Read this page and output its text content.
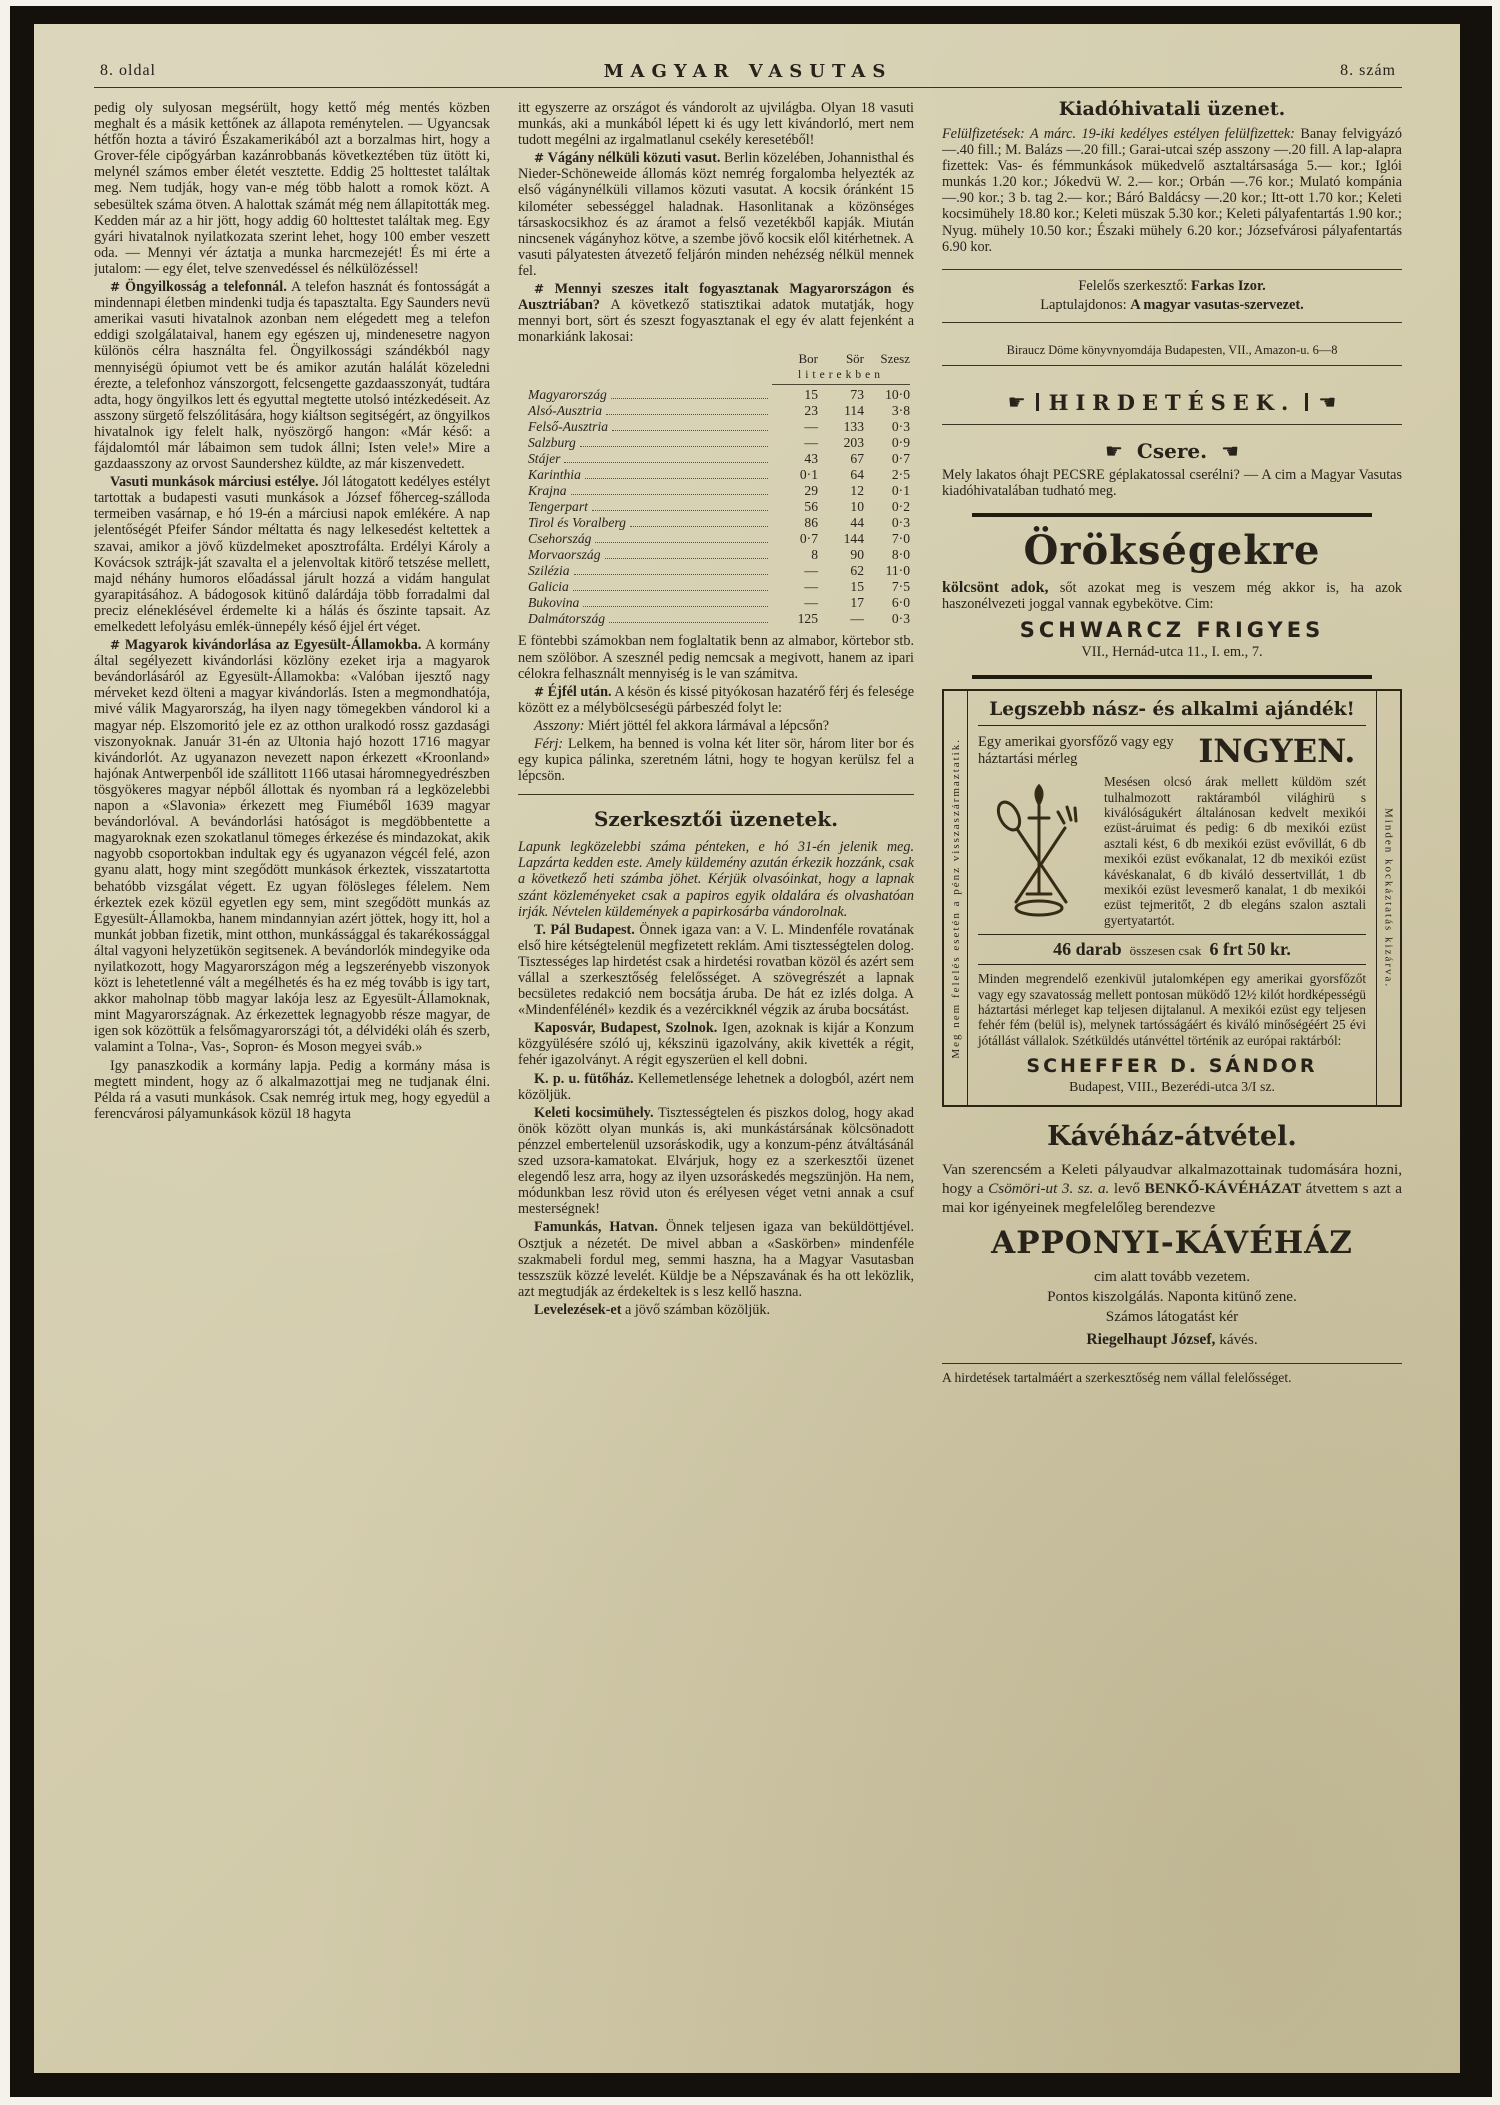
8. oldal	MAGYAR VASUTAS	8. szám

pedig oly sulyosan megsérült, hogy kettő még mentés közben meghalt és a másik kettőnek az állapota reménytelen. — Ugyancsak hétfőn hozta a táviró Északamerikából azt a borzalmas hirt, hogy a Grover-féle cipőgyárban kazánrobbanás következtében tüz ütött ki, melynél számos ember életét vesztette. Eddig 25 holttestet találtak meg. Nem tudják, hogy van-e még több halott a romok közt. A sebesültek száma ötven. A halottak számát még nem állapitották meg. Kedden már az a hir jött, hogy addig 60 holttestet találtak meg. Egy gyári hivatalnok nyilatkozata szerint lehet, hogy 100 ember veszett oda. — Mennyi vér áztatja a munka harcmezejét! És mi érte a jutalom: — egy élet, telve szenvedéssel és nélkülözéssel!

# Öngyilkosság a telefonnál. A telefon hasznát és fontosságát a mindennapi életben mindenki tudja és tapasztalta. Egy Saunders nevü amerikai vasuti hivatalnok azonban nem elégedett meg a telefon eddigi szolgálataival, hanem egy egészen uj, mindenesetre nagyon különös célra használta fel. Öngyilkossági szándékból nagy mennyiségü ópiumot vett be és amikor azután halálát közeledni érezte, a telefonhoz vánszorgott, felcsengette gazdaasszonyát, tudtára adta, hogy öngyilkos lett és egyuttal megtette utolsó intézkedéseit. Az asszony sürgető felszólitására, hogy kiáltson segitségért, az öngyilkos hivatalnok igy felelt halk, nyöszörgő hangon: «Már késő: a fájdalomtól már lábaimon sem tudok állni; Isten vele!» Mire a gazdaasszony az orvost Saundershez küldte, az már kiszenvedett.

Vasuti munkások márciusi estélye. Jól látogatott kedélyes estélyt tartottak a budapesti vasuti munkások a József főherceg-szálloda termeiben vasárnap, e hó 19-én a márciusi napok emlékére. A nap jelentőségét Pfeifer Sándor méltatta és nagy lelkesedést keltettek a szavai, amikor a jövő küzdelmeket aposztrofálta. Erdélyi Károly a Kovácsok sztrájk-ját szavalta el a jelenvoltak kitörő tetszése mellett, majd néhány humoros előadással járult hozzá a vidám hangulat gyarapitásához. A bádogosok kitünő dalárdája több forradalmi dal preciz eléneklésével érdemelte ki a hálás és őszinte tapsait. Az emelkedett lefolyásu emlék-ünnepély késő éjjel ért véget.

# Magyarok kivándorlása az Egyesült-Államokba. A kormány által segélyezett kivándorlási közlöny ezeket irja a magyarok bevándorlásáról az Egyesült-Államokba: «Valóban ijesztő nagy mérveket kezd ölteni a magyar kivándorlás. Isten a megmondhatója, mivé válik Magyarország, ha ilyen nagy tömegekben vándorol ki a magyar nép. Elszomoritó jele ez az otthon uralkodó rossz gazdasági viszonyoknak. Január 31-én az Ultonia hajó hozott 1716 magyar kivándorlót. Az ugyanazon nevezett napon érkezett «Kroonland» hajónak Antwerpenből ide szállitott 1166 utasai háromnegyedrészben tösgyökeres magyar népből állottak és nyomban rá a legközelebbi napon a «Slavonia» érkezett meg Fiuméből 1639 magyar bevándorlóval. A bevándorlási hatóságot is megdöbbentette a magyaroknak ezen szokatlanul tömeges érkezése és mindazokat, akik nagyobb csoportokban indultak egy és ugyanazon végcél felé, azon gyanu alatt, hogy mint szegődött munkások érkeztek, visszatartotta behatóbb vizsgálat végett. Ez ugyan fölösleges félelem. Nem érkeztek ezek közül egyetlen egy sem, mint szegődött munkás az Egyesült-Államokba, hanem mindannyian azért jöttek, hogy itt, hol a munkát jobban fizetik, mint otthon, munkássággal és takarékossággal által vagyoni helyzetükön segitsenek. A bevándorlók mindegyike oda nyilatkozott, hogy Magyarországon még a legszerényebb viszonyok közt is lehetetlenné vált a megélhetés és ha ez még tovább is igy tart, akkor maholnap több magyar lakója lesz az Egyesült-Államoknak, mint Magyarországnak. Az érkezettek legnagyobb része magyar, de igen sok közöttük a felsőmagyarországi tót, a délvidéki oláh és szerb, valamint a Tolna-, Vas-, Sopron- és Moson megyei sváb.»

Igy panaszkodik a kormány lapja. Pedig a kormány mása is megtett mindent, hogy az ő alkalmazottjai meg ne tudjanak élni. Példa rá a vasuti munkások. Csak nemrég irtuk meg, hogy egyedül a ferencvárosi pályamunkások közül 18 hagyta

itt egyszerre az országot és vándorolt az ujvilágba. Olyan 18 vasuti munkás, aki a munkából lépett ki és ugy lett kivándorló, mert nem tudott megélni az irgalmatlanul csekély keresetéből!

# Vágány nélküli közuti vasut. Berlin közelében, Johannisthal és Nieder-Schöneweide állomás közt nemrég forgalomba helyezték az első vágánynélküli villamos közuti vasutat. A kocsik óránként 15 kilométer sebességgel haladnak. Hasonlitanak a közönséges társaskocsikhoz és az áramot a felső vezetékből kapják. Miután nincsenek vágányhoz kötve, a szembe jövő kocsik elől kitérhetnek. A vasuti pályatesten átvezető feljárón minden nehézség nélkül mennek fel.

# Mennyi szeszes italt fogyasztanak Magyarországon és Ausztriában? A következő statisztikai adatok mutatják, hogy mennyi bort, sört és szeszt fogyasztanak el egy év alatt fejenként a monarkiánk lakosai:

Bor	Sör	Szesz
literekben
Magyarország	15	73	10·0
Alsó-Ausztria	23	114	3·8
Felső-Ausztria	—	133	0·3
Salzburg	—	203	0·9
Stájer	43	67	0·7
Karinthia	0·1	64	2·5
Krajna	29	12	0·1
Tengerpart	56	10	0·2
Tirol és Voralberg	86	44	0·3
Csehország	0·7	144	7·0
Morvaország	8	90	8·0
Szilézia	—	62	11·0
Galicia	—	15	7·5
Bukovina	—	17	6·0
Dalmátország	125	—	0·3

E föntebbi számokban nem foglaltatik benn az almabor, körtebor stb. nem szölöbor. A szesznél pedig nemcsak a megivott, hanem az ipari célokra felhasznált mennyiség is le van számitva.

# Éjfél után. A késön és kissé pityókosan hazatérő férj és felesége között ez a mélybölcseségü párbeszéd folyt le:

Asszony: Miért jöttél fel akkora lármával a lépcsőn?

Férj: Lelkem, ha benned is volna két liter sör, három liter bor és egy kupica pálinka, szeretném látni, hogy te hogyan kerülsz fel a lépcsön.

Szerkesztői üzenetek.

Lapunk legközelebbi száma pénteken, e hó 31-én jelenik meg. Lapzárta kedden este. Amely küldemény azután érkezik hozzánk, csak a következő heti számba jöhet. Kérjük olvasóinkat, hogy a lapnak szánt közleményeket csak a papiros egyik oldalára és olvashatóan irják. Névtelen küldemények a papirkosárba vándorolnak.

T. Pál Budapest. Önnek igaza van: a V. L. Mindenféle rovatának első hire kétségtelenül megfizetett reklám. Ami tisztességtelen dolog. Tisztességes lap hirdetést csak a hirdetési rovatban közöl és azért sem vállal a szerkesztőség felelősséget. A szövegrészét a lapnak becsületes redakció nem bocsátja áruba. De hát ez izlés dolga. A «Mindenfélénél» kezdik és a vezércikknél végzik az áruba bocsátást.

Kaposvár, Budapest, Szolnok. Igen, azoknak is kijár a Konzum közgyülésére szóló uj, kékszinü igazolvány, akik kivették a régit, fehér igazolványt. A régit egyszerüen el kell dobni.

K. p. u. fütőház. Kellemetlensége lehetnek a dologból, azért nem közöljük.

Keleti kocsimühely. Tisztességtelen és piszkos dolog, hogy akad önök között olyan munkás is, aki munkástársának kölcsönadott pénzzel embertelenül uzsoráskodik, ugy a konzum-pénz átváltásánál szed uzsora-kamatokat. Elvárjuk, hogy ez a szerkesztői üzenet elegendő lesz arra, hogy az ilyen uzsoráskedés megszünjön. Ha nem, módunkban lesz rövid uton és erélyesen véget vetni annak a csuf mesterségnek!

Famunkás, Hatvan. Önnek teljesen igaza van beküldöttjével. Osztjuk a nézetét. De mivel abban a «Saskörben» mindenféle szakmabeli fordul meg, semmi haszna, ha a Magyar Vasutasban tesszszük közzé levelét. Küldje be a Népszavának és ha ott leközlik, azt megtudják az érdekeltek is s lesz kellő haszna.

Levelezések-et a jövő számban közöljük.

Kiadóhivatali üzenet.

Felülfizetések: A márc. 19-iki kedélyes estélyen felülfizettek: Banay felvigyázó —.40 fill.; M. Balázs —.20 fill.; Garai-utcai szép asszony —.20 fill. A lap-alapra fizettek: Vas- és fémmunkások mükedvelő asztaltársasága 5.— kor.; Iglói munkás 1.20 kor.; Jókedvü W. 2.— kor.; Orbán —.76 kor.; Mulató kompánia —.90 kor.; 3 b. tag 2.— kor.; Báró Baldácsy —.20 kor.; Itt-ott 1.70 kor.; Keleti kocsimühely 18.80 kor.; Keleti müszak 5.30 kor.; Keleti pályafentartás 1.90 kor.; Nyug. mühely 10.50 kor.; Északi mühely 6.20 kor.; Józsefvárosi pályafentartás 6.90 kor.

Felelős szerkesztő: Farkas Izor.

Laptulajdonos: A magyar vasutas-szervezet.

Biraucz Döme könyvnyomdája Budapesten, VII., Amazon-u. 6—8

☛ HIRDETÉSEK. ☚
☛ Csere. ☚

Mely lakatos óhajt PECSRE géplakatossal cserélni? — A cim a Magyar Vasutas kiadóhivatalában tudható meg.

Örökségekre

kölcsönt adok, sőt azokat meg is veszem még akkor is, ha azok haszonélvezeti joggal vannak egybekötve. Cim:

SCHWARCZ FRIGYES

VII., Hernád-utca 11., I. em., 7.

Meg nem felelés esetén a pénz visszaszármaztatik.
Legszebb nász- és alkalmi ajándék!
Egy amerikai gyorsfőző vagy egy háztartási mérleg	INGYEN.

Mesésen olcsó árak mellett küldöm szét tulhalmozott raktáramból világhirü s kiválóságukért általánosan kedvelt mexikói ezüst-áruimat és pedig: 6 db mexikói ezüst asztali kést, 6 db mexikói ezüst evővillát, 6 db mexikói ezüst evőkanalat, 12 db mexikói ezüst kávéskanalat, 6 db kiváló dessertvillát, 1 db mexikói ezüst levesmerő kanalat, 1 db mexikói ezüst tejmeritőt, 2 db elegáns szalon asztali gyertyatartót.

46 darab összesen csak 6 frt 50 kr.

Minden megrendelő ezenkivül jutalomképen egy amerikai gyorsfőzőt vagy egy szavatosság mellett pontosan müködő 12½ kilót hordképességü háztartási mérleget kap teljesen dijtalanul. A mexikói ezüst egy teljesen fehér fém (belül is), melynek tartósságáért és kiváló minőségéért 25 évi jótállást vállalok. Szétküldés utánvéttel történik az európai raktárból:

SCHEFFER D. SÁNDOR

Budapest, VIII., Bezerédi-utca 3/I sz.

Minden kockáztatás kizárva.
Kávéház-átvétel.

Van szerencsém a Keleti pályaudvar alkalmazottainak tudomására hozni, hogy a Csömöri-ut 3. sz. a. levő BENKŐ-KÁVÉHÁZAT átvettem s azt a mai kor igényeinek megfelelőleg berendezve

APPONYI-KÁVÉHÁZ

cim alatt tovább vezetem.

Pontos kiszolgálás. Naponta kitünő zene.

Számos látogatást kér

Riegelhaupt József, kávés.

A hirdetések tartalmáért a szerkesztőség nem vállal felelősséget.
